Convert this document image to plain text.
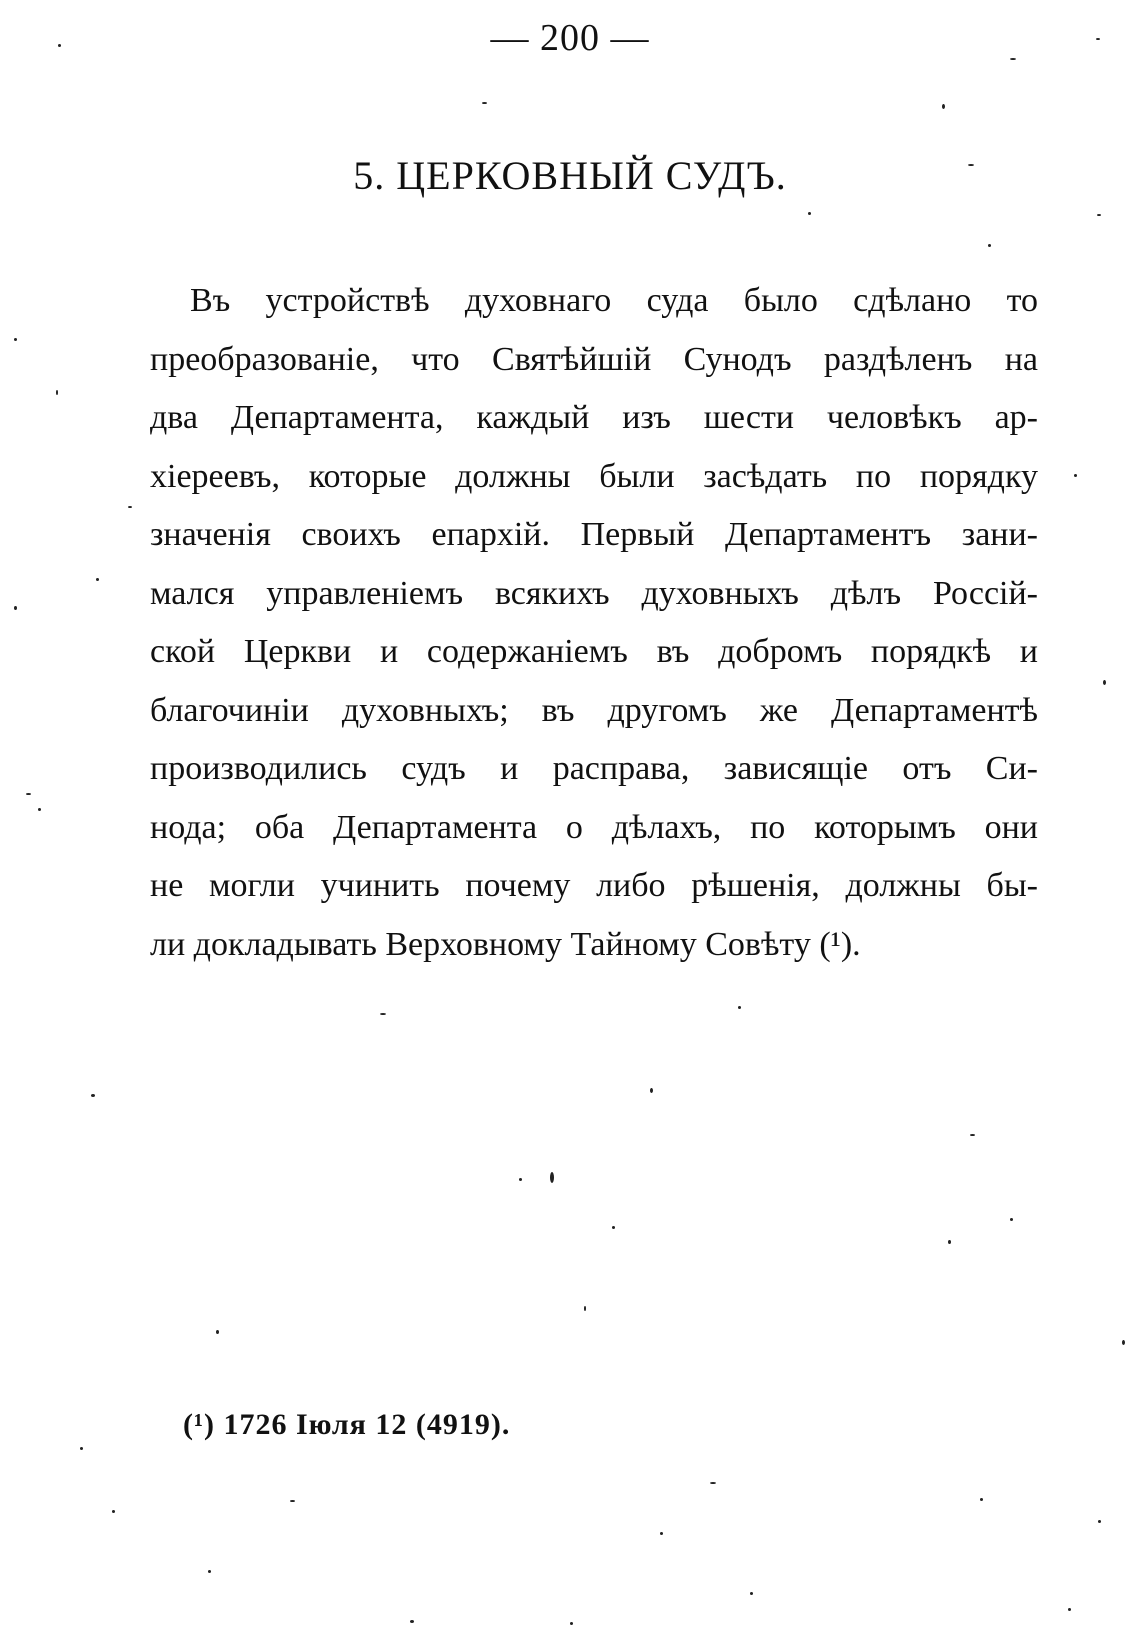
— 200 —
5. ЦЕРКОВНЫЙ СУДЪ.
Въ устройствѣ духовнаго суда было сдѣлано то
преобразованіе, что Святѣйшій Сунодъ раздѣленъ на
два Департамента, каждый изъ шести человѣкъ ар-
хіереевъ, которые должны были засѣдать по порядку
значенія своихъ епархій. Первый Департаментъ зани-
мался управленіемъ всякихъ духовныхъ дѣлъ Россій-
ской Церкви и содержаніемъ въ добромъ порядкѣ и
благочиніи духовныхъ; въ другомъ же Департаментѣ
производились судъ и расправа, зависящіе отъ Си-
нода; оба Департамента о дѣлахъ, по которымъ они
не могли учинить почему либо рѣшенія, должны бы-
ли докладывать Верховному Тайному Совѣту (¹).
(¹) 1726 Іюля 12 (4919).
